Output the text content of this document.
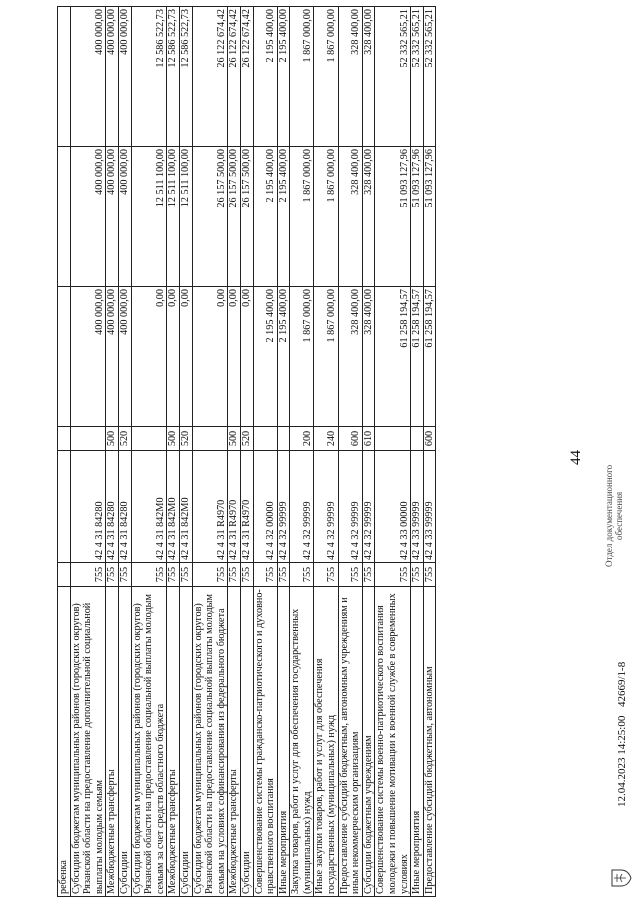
44
ребенка						
Субсидии бюджетам муниципальных районов (городских округов) Рязанской области на предоставление дополнительной социальной выплаты молодым семьям	755	42 4 31 84280		400 000,00	400 000,00	400 000,00
Межбюджетные трансферты	755	42 4 31 84280	500	400 000,00	400 000,00	400 000,00
Субсидии	755	42 4 31 84280	520	400 000,00	400 000,00	400 000,00
Субсидии бюджетам муниципальных районов (городских округов) Рязанской области на предоставление социальной выплаты молодым семьям за счет средств областного бюджета	755	42 4 31 842М0		0,00	12 511 100,00	12 586 522,73
Межбюджетные трансферты	755	42 4 31 842М0	500	0,00	12 511 100,00	12 586 522,73
Субсидии	755	42 4 31 842М0	520	0,00	12 511 100,00	12 586 522,73
Субсидии бюджетам муниципальных районов (городских округов) Рязанской области на предоставление социальной выплаты молодым семьям на условиях софинансирования из федерального бюджета	755	42 4 31 R4970		0,00	26 157 500,00	26 122 674,42
Межбюджетные трансферты	755	42 4 31 R4970	500	0,00	26 157 500,00	26 122 674,42
Субсидии	755	42 4 31 R4970	520	0,00	26 157 500,00	26 122 674,42
Совершенствование системы гражданско-патриотического и духовно-нравственного воспитания	755	42 4 32 00000		2 195 400,00	2 195 400,00	2 195 400,00
Иные мероприятия	755	42 4 32 99999		2 195 400,00	2 195 400,00	2 195 400,00
Закупка товаров, работ и услуг для обеспечения государственных (муниципальных) нужд	755	42 4 32 99999	200	1 867 000,00	1 867 000,00	1 867 000,00
Иные закупки товаров, работ и услуг для обеспечения государственных (муниципальных) нужд	755	42 4 32 99999	240	1 867 000,00	1 867 000,00	1 867 000,00
Предоставление субсидий бюджетным, автономным учреждениям и иным некоммерческим организациям	755	42 4 32 99999	600	328 400,00	328 400,00	328 400,00
Субсидии бюджетным учреждениям	755	42 4 32 99999	610	328 400,00	328 400,00	328 400,00
Совершенствование системы военно-патриотического воспитания молодежи и повышение мотивации к военной службе в современных условиях	755	42 4 33 00000		61 258 194,57	51 093 127,96	52 332 565,21
Иные мероприятия	755	42 4 33 99999		61 258 194,57	51 093 127,96	52 332 565,21
Предоставление субсидий бюджетным, автономным	755	42 4 33 99999	600	61 258 194,57	51 093 127,96	52 332 565,21
12.04.2023 14:25:00
42669/1-8
Отдел документационного обеспечения
